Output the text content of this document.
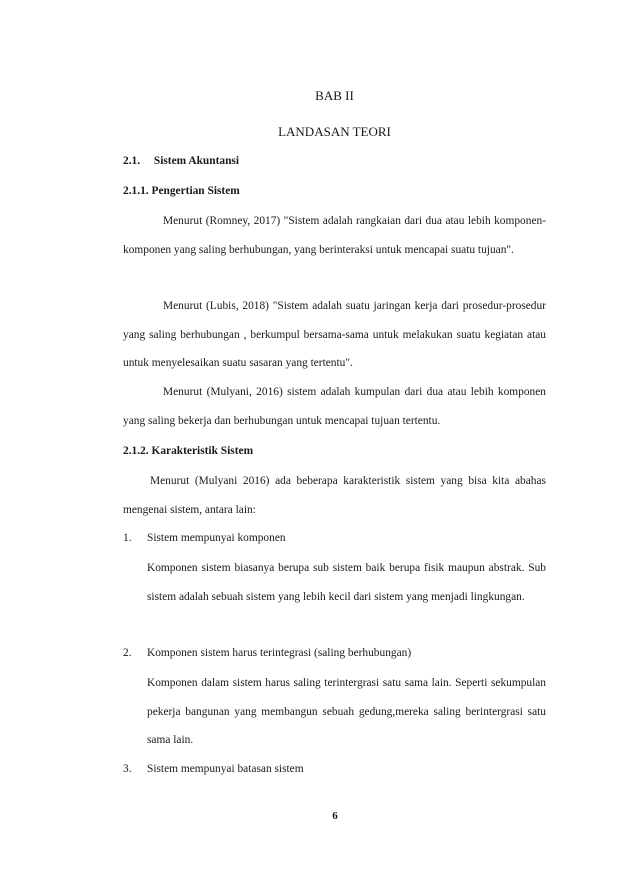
BAB II
LANDASAN TEORI
2.1. Sistem Akuntansi
2.1.1. Pengertian Sistem
Menurut (Romney, 2017) "Sistem adalah rangkaian dari dua atau lebih komponen-komponen yang saling berhubungan, yang berinteraksi untuk mencapai suatu tujuan".
Menurut (Lubis, 2018) "Sistem adalah suatu jaringan kerja dari prosedur-prosedur yang saling berhubungan , berkumpul bersama-sama untuk melakukan suatu kegiatan atau untuk menyelesaikan suatu sasaran yang tertentu".
Menurut (Mulyani, 2016) sistem adalah kumpulan dari dua atau lebih komponen yang saling bekerja dan berhubungan untuk mencapai tujuan tertentu.
2.1.2. Karakteristik Sistem
Menurut (Mulyani 2016) ada beberapa karakteristik sistem yang bisa kita abahas mengenai sistem, antara lain:
1. Sistem mempunyai komponen
Komponen sistem biasanya berupa sub sistem baik berupa fisik maupun abstrak. Sub sistem adalah sebuah sistem yang lebih kecil dari sistem yang menjadi lingkungan.
2. Komponen sistem harus terintegrasi (saling berhubungan)
Komponen dalam sistem harus saling terintergrasi satu sama lain. Seperti sekumpulan pekerja bangunan yang membangun sebuah gedung,mereka saling berintergrasi satu sama lain.
3. Sistem mempunyai batasan sistem
6
